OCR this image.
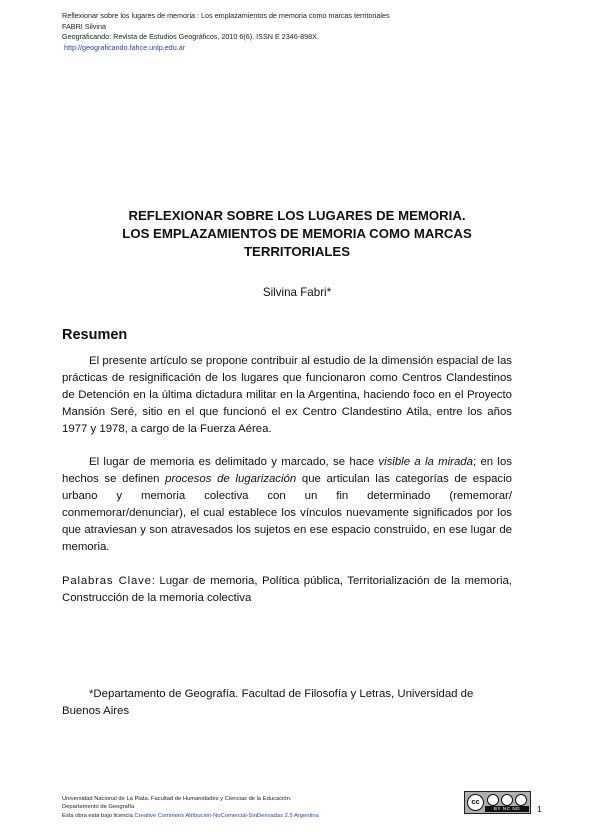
Reflexionar sobre los lugares de memoria : Los emplazamientos de memoria como marcas territoriales
FABRI Silvina
Geograficando: Revista de Estudios Geográficos, 2010 6(6). ISSN E 2346-898X.
http://geograficando.fahce.unlp.edu.ar
REFLEXIONAR SOBRE LOS LUGARES DE MEMORIA.
LOS EMPLAZAMIENTOS DE MEMORIA COMO MARCAS
TERRITORIALES
Silvina Fabri*
Resumen
El presente artículo se propone contribuir al estudio de la dimensión espacial de las prácticas de resignificación de los lugares que funcionaron como Centros Clandestinos de Detención en la última dictadura militar en la Argentina, haciendo foco en el Proyecto Mansión Seré, sitio en el que funcionó el ex Centro Clandestino Atila, entre los años 1977 y 1978, a cargo de la Fuerza Aérea.
El lugar de memoria es delimitado y marcado, se hace visible a la mirada; en los hechos se definen procesos de lugarización que articulan las categorías de espacio urbano y memoria colectiva con un fin determinado (rememorar/ conmemorar/denunciar), el cual establece los vínculos nuevamente significados por los que atraviesan y son atravesados los sujetos en ese espacio construido, en ese lugar de memoria.
Palabras Clave: Lugar de memoria, Política pública, Territorialización de la memoria, Construcción de la memoria colectiva
*Departamento de Geografía. Facultad de Filosofía y Letras, Universidad de Buenos Aires
Universidad Nacional de La Plata. Facultad de Humanidades y Ciencias de la Educación.
Departamento de Geografía
Esta obra está bajo licencia Creative Commons Atribución-NoComercial-SinDerivadas 2.5 Argentina
cc
BY NC ND	1
